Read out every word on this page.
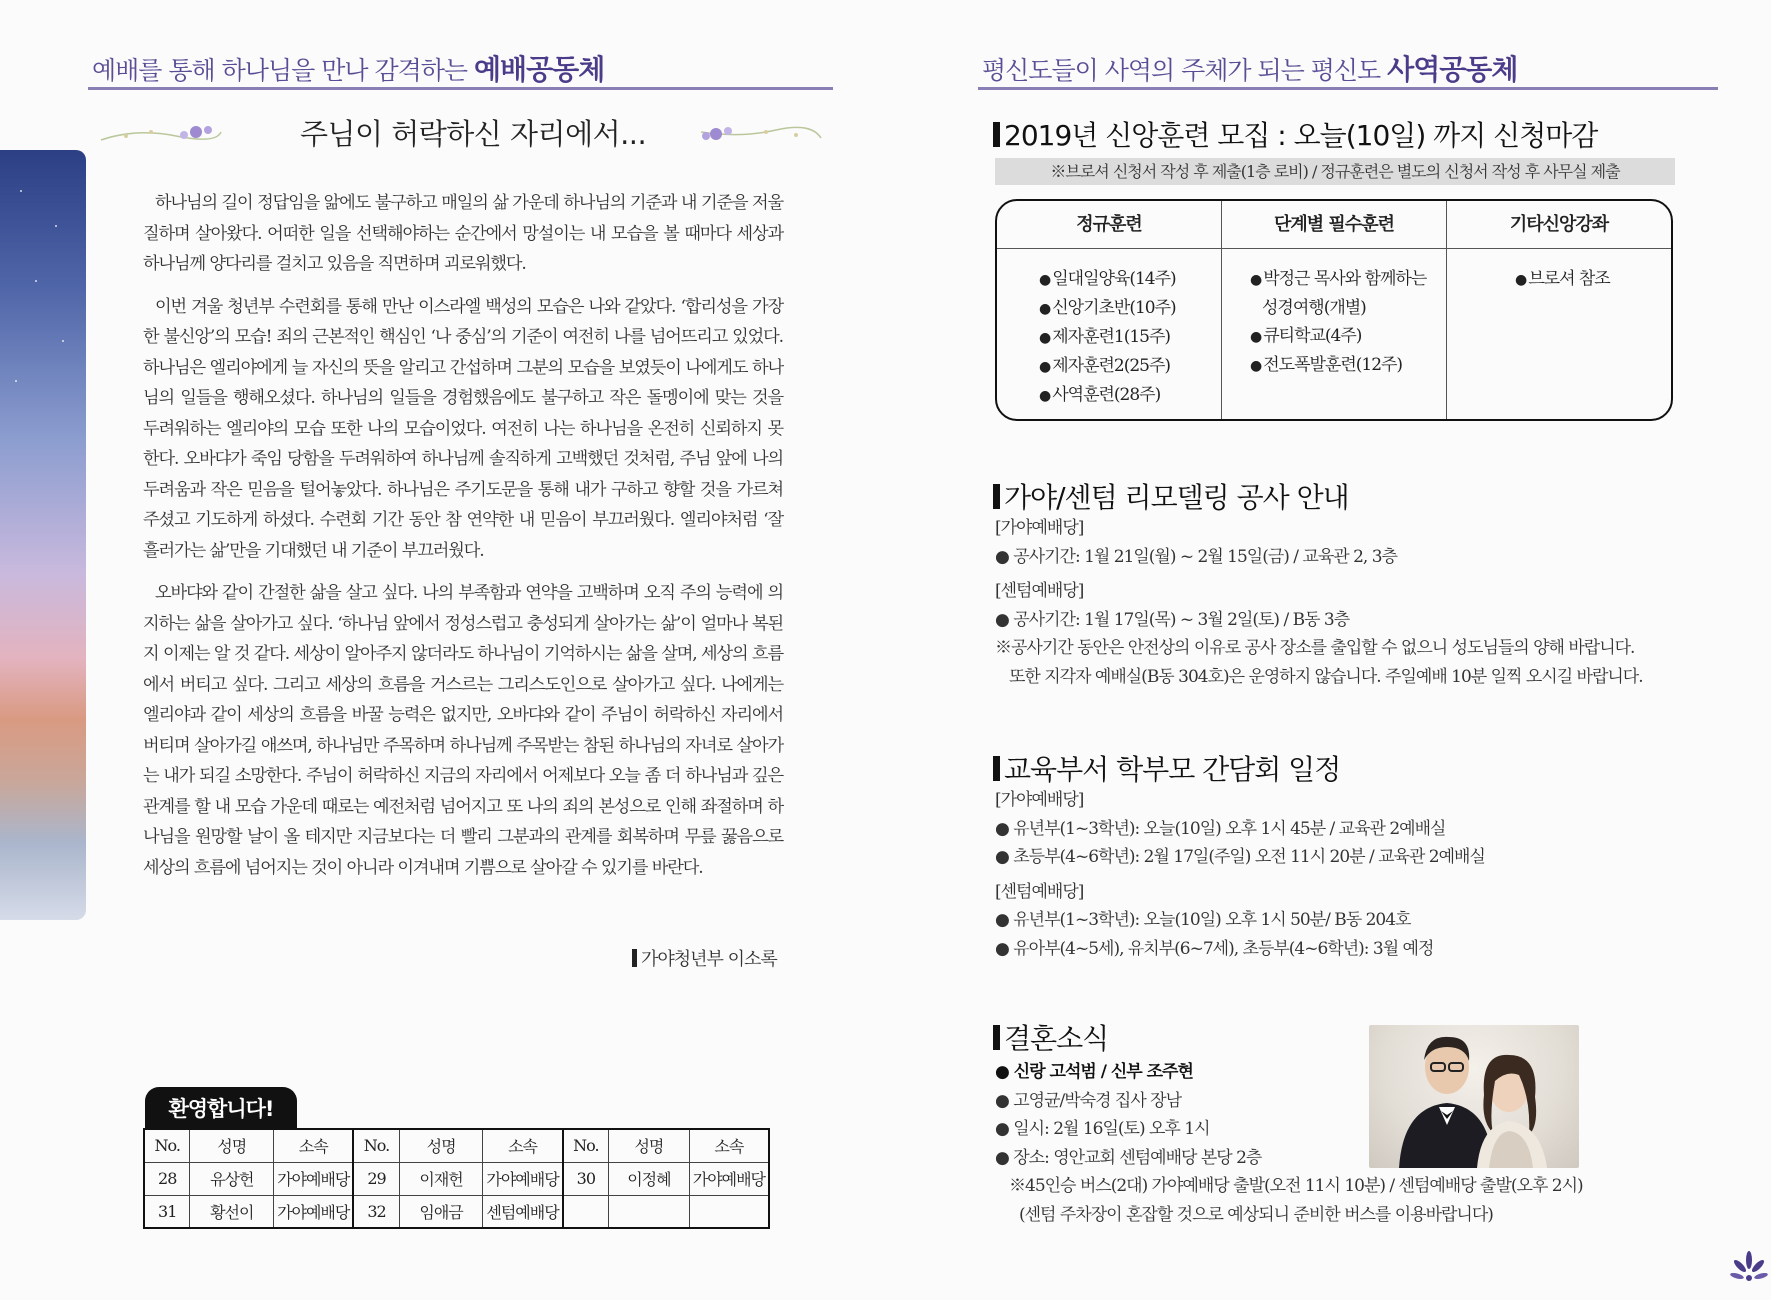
예배를 통해 하나님을 만나 감격하는 예배공동체
주님이 허락하신 자리에서...

하나님의 길이 정답임을 앎에도 불구하고 매일의 삶 가운데 하나님의 기준과 내 기준을 저울질하며 살아왔다. 어떠한 일을 선택해야하는 순간에서 망설이는 내 모습을 볼 때마다 세상과 하나님께 양다리를 걸치고 있음을 직면하며 괴로워했다.

이번 겨울 청년부 수련회를 통해 만난 이스라엘 백성의 모습은 나와 같았다. ‘합리성을 가장한 불신앙’의 모습! 죄의 근본적인 핵심인 ‘나 중심’의 기준이 여전히 나를 넘어뜨리고 있었다. 하나님은 엘리야에게 늘 자신의 뜻을 알리고 간섭하며 그분의 모습을 보였듯이 나에게도 하나님의 일들을 행해오셨다. 하나님의 일들을 경험했음에도 불구하고 작은 돌멩이에 맞는 것을 두려워하는 엘리야의 모습 또한 나의 모습이었다. 여전히 나는 하나님을 온전히 신뢰하지 못한다. 오바댜가 죽임 당함을 두려워하여 하나님께 솔직하게 고백했던 것처럼, 주님 앞에 나의 두려움과 작은 믿음을 털어놓았다. 하나님은 주기도문을 통해 내가 구하고 향할 것을 가르쳐주셨고 기도하게 하셨다. 수련회 기간 동안 참 연약한 내 믿음이 부끄러웠다. 엘리야처럼 ‘잘 흘러가는 삶’만을 기대했던 내 기준이 부끄러웠다.

오바댜와 같이 간절한 삶을 살고 싶다. 나의 부족함과 연약을 고백하며 오직 주의 능력에 의지하는 삶을 살아가고 싶다. ‘하나님 앞에서 정성스럽고 충성되게 살아가는 삶’이 얼마나 복된지 이제는 알 것 같다. 세상이 알아주지 않더라도 하나님이 기억하시는 삶을 살며, 세상의 흐름에서 버티고 싶다. 그리고 세상의 흐름을 거스르는 그리스도인으로 살아가고 싶다. 나에게는 엘리야과 같이 세상의 흐름을 바꿀 능력은 없지만, 오바댜와 같이 주님이 허락하신 자리에서 버티며 살아가길 애쓰며, 하나님만 주목하며 하나님께 주목받는 참된 하나님의 자녀로 살아가는 내가 되길 소망한다. 주님이 허락하신 지금의 자리에서 어제보다 오늘 좀 더 하나님과 깊은 관계를 할 내 모습 가운데 때로는 예전처럼 넘어지고 또 나의 죄의 본성으로 인해 좌절하며 하나님을 원망할 날이 올 테지만 지금보다는 더 빨리 그분과의 관계를 회복하며 무릎 꿇음으로 세상의 흐름에 넘어지는 것이 아니라 이겨내며 기쁨으로 살아갈 수 있기를 바란다.

가야청년부 이소록
환영합니다!
No.	성명	소속	No.	성명	소속	No.	성명	소속
28	유상헌	가야예배당	29	이재헌	가야예배당	30	이정혜	가야예배당
31	황선이	가야예배당	32	임애금	센텀예배당			
평신도들이 사역의 주체가 되는 평신도 사역공동체
2019년 신앙훈련 모집 : 오늘(10일) 까지 신청마감
※브로셔 신청서 작성 후 제출(1층 로비) / 정규훈련은 별도의 신청서 작성 후 사무실 제출
정규훈련
● 일대일양육(14주)
● 신앙기초반(10주)
● 제자훈련1(15주)
● 제자훈련2(25주)
● 사역훈련(28주)
단계별 필수훈련
● 박정근 목사와 함께하는
성경여행(개별)
● 큐티학교(4주)
● 전도폭발훈련(12주)
기타신앙강좌
● 브로셔 참조
가야/센텀 리모델링 공사 안내
[가야예배당]
● 공사기간: 1월 21일(월) ~ 2월 15일(금) / 교육관 2, 3층
[센텀예배당]
● 공사기간: 1월 17일(목) ~ 3월 2일(토) / B동 3층
※공사기간 동안은 안전상의 이유로 공사 장소를 출입할 수 없으니 성도님들의 양해 바랍니다.
또한 지각자 예배실(B동 304호)은 운영하지 않습니다. 주일예배 10분 일찍 오시길 바랍니다.
교육부서 학부모 간담회 일정
[가야예배당]
● 유년부(1~3학년): 오늘(10일) 오후 1시 45분 / 교육관 2예배실
● 초등부(4~6학년): 2월 17일(주일) 오전 11시 20분 / 교육관 2예배실
[센텀예배당]
● 유년부(1~3학년): 오늘(10일) 오후 1시 50분/ B동 204호
● 유아부(4~5세), 유치부(6~7세), 초등부(4~6학년): 3월 예정
결혼소식
● 신랑 고석범 / 신부 조주현
● 고영균/박숙경 집사 장남
● 일시: 2월 16일(토) 오후 1시
● 장소: 영안교회 센텀예배당 본당 2층
※45인승 버스(2대) 가야예배당 출발(오전 11시 10분) / 센텀예배당 출발(오후 2시)
(센텀 주차장이 혼잡할 것으로 예상되니 준비한 버스를 이용바랍니다)
